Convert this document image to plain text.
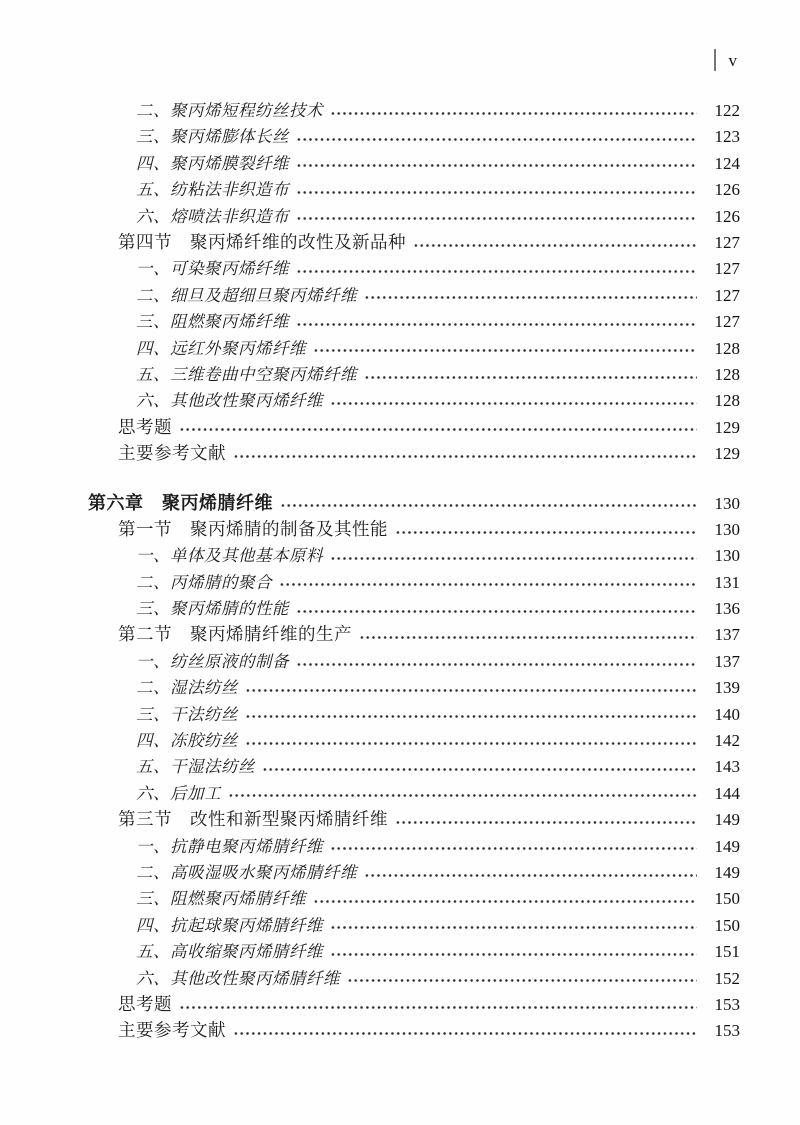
v
二、聚丙烯短程纺丝技术	122
三、聚丙烯膨体长丝	123
四、聚丙烯膜裂纤维	124
五、纺粘法非织造布	126
六、熔喷法非织造布	126
第四节　聚丙烯纤维的改性及新品种	127
一、可染聚丙烯纤维	127
二、细旦及超细旦聚丙烯纤维	127
三、阻燃聚丙烯纤维	127
四、远红外聚丙烯纤维	128
五、三维卷曲中空聚丙烯纤维	128
六、其他改性聚丙烯纤维	128
思考题	129
主要参考文献	129
第六章　聚丙烯腈纤维	130
第一节　聚丙烯腈的制备及其性能	130
一、单体及其他基本原料	130
二、丙烯腈的聚合	131
三、聚丙烯腈的性能	136
第二节　聚丙烯腈纤维的生产	137
一、纺丝原液的制备	137
二、湿法纺丝	139
三、干法纺丝	140
四、冻胶纺丝	142
五、干湿法纺丝	143
六、后加工	144
第三节　改性和新型聚丙烯腈纤维	149
一、抗静电聚丙烯腈纤维	149
二、高吸湿吸水聚丙烯腈纤维	149
三、阻燃聚丙烯腈纤维	150
四、抗起球聚丙烯腈纤维	150
五、高收缩聚丙烯腈纤维	151
六、其他改性聚丙烯腈纤维	152
思考题	153
主要参考文献	153
